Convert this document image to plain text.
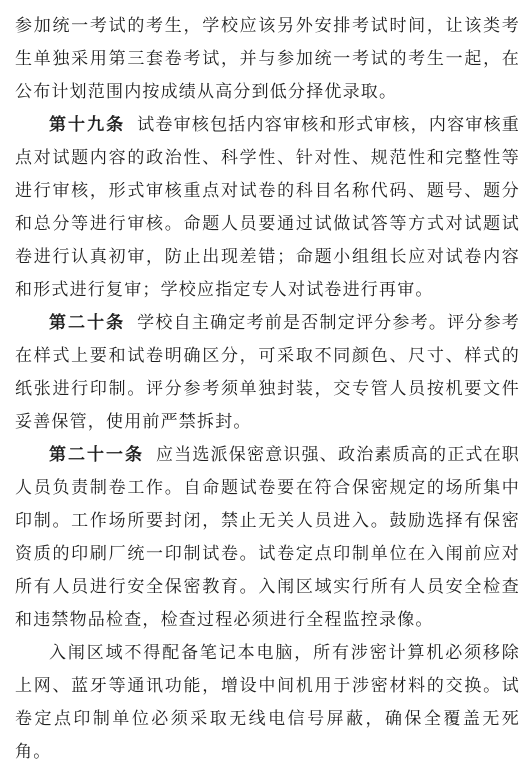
参加统一考试的考生，学校应该另外安排考试时间，让该类考生单独采用第三套卷考试，并与参加统一考试的考生一起，在公布计划范围内按成绩从高分到低分择优录取。

第十九条 试卷审核包括内容审核和形式审核，内容审核重点对试题内容的政治性、科学性、针对性、规范性和完整性等进行审核，形式审核重点对试卷的科目名称代码、题号、题分和总分等进行审核。命题人员要通过试做试答等方式对试题试卷进行认真初审，防止出现差错；命题小组组长应对试卷内容和形式进行复审；学校应指定专人对试卷进行再审。

第二十条 学校自主确定考前是否制定评分参考。评分参考在样式上要和试卷明确区分，可采取不同颜色、尺寸、样式的纸张进行印制。评分参考须单独封装，交专管人员按机要文件妥善保管，使用前严禁拆封。

第二十一条 应当选派保密意识强、政治素质高的正式在职人员负责制卷工作。自命题试卷要在符合保密规定的场所集中印制。工作场所要封闭，禁止无关人员进入。鼓励选择有保密资质的印刷厂统一印制试卷。试卷定点印制单位在入闱前应对所有人员进行安全保密教育。入闱区域实行所有人员安全检查和违禁物品检查，检查过程必须进行全程监控录像。

入闱区域不得配备笔记本电脑，所有涉密计算机必须移除上网、蓝牙等通讯功能，增设中间机用于涉密材料的交换。试卷定点印制单位必须采取无线电信号屏蔽，确保全覆盖无死角。
